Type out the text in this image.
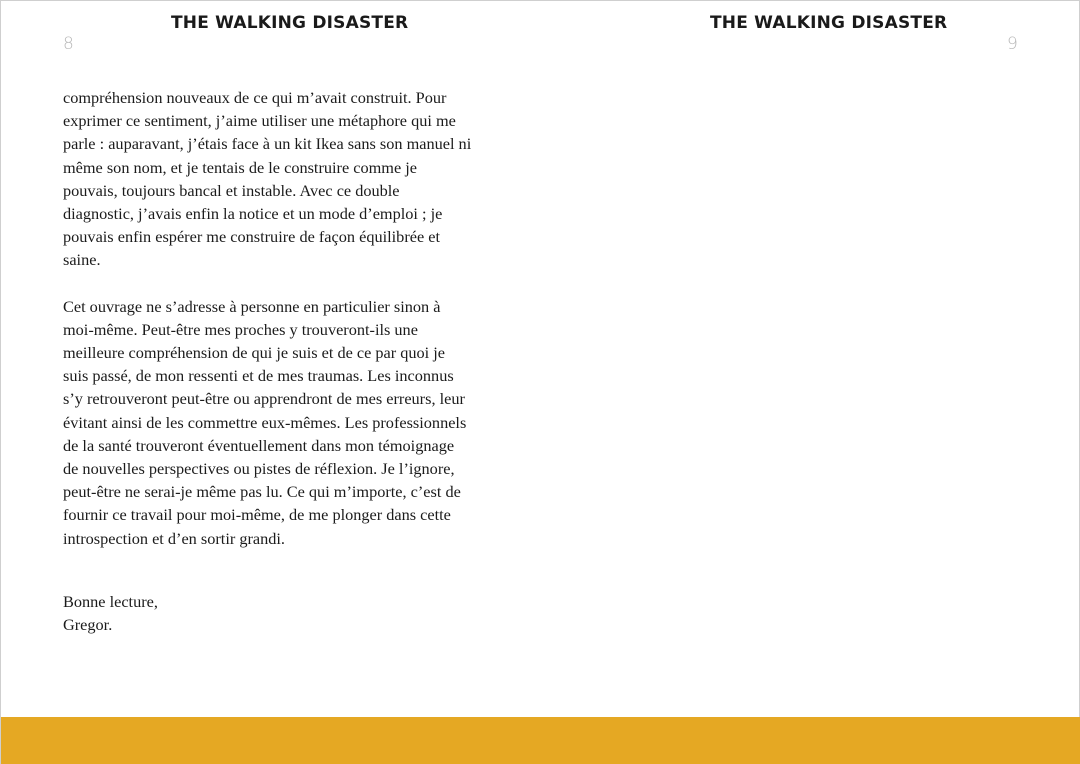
THE WALKING DISASTER
8

compréhension nouveaux de ce qui m’avait construit. Pour
exprimer ce sentiment, j’aime utiliser une métaphore qui me
parle : auparavant, j’étais face à un kit Ikea sans son manuel ni
même son nom, et je tentais de le construire comme je
pouvais, toujours bancal et instable. Avec ce double
diagnostic, j’avais enfin la notice et un mode d’emploi ; je
pouvais enfin espérer me construire de façon équilibrée et
saine.

Cet ouvrage ne s’adresse à personne en particulier sinon à
moi-même. Peut-être mes proches y trouveront-ils une
meilleure compréhension de qui je suis et de ce par quoi je
suis passé, de mon ressenti et de mes traumas. Les inconnus
s’y retrouveront peut-être ou apprendront de mes erreurs, leur
évitant ainsi de les commettre eux-mêmes. Les professionnels
de la santé trouveront éventuellement dans mon témoignage
de nouvelles perspectives ou pistes de réflexion. Je l’ignore,
peut-être ne serai-je même pas lu. Ce qui m’importe, c’est de
fournir ce travail pour moi-même, de me plonger dans cette
introspection et d’en sortir grandi.

Bonne lecture,
Gregor.

THE WALKING DISASTER
9
